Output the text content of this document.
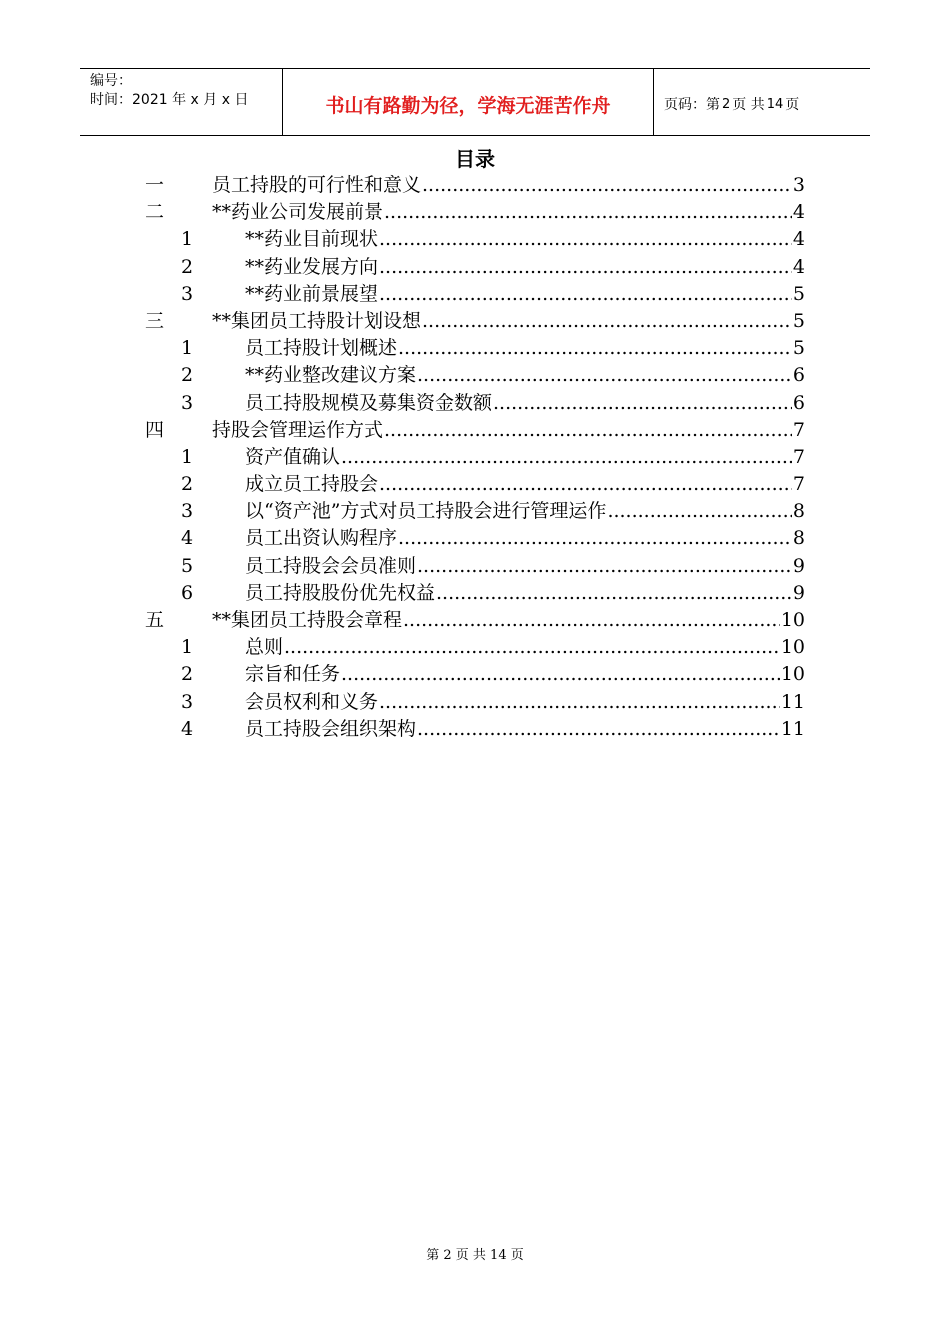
编号：
时间：2021 年 x 月 x 日	书山有路勤为径，学海无涯苦作舟	页码：第 2 页 共 14 页
目录
一	员工持股的可行性和意义 .....	3
二	**药业公司发展前景 .....	4
1	**药业目前现状 .....	4
2	**药业发展方向 .....	4
3	**药业前景展望 .....	5
三	**集团员工持股计划设想 .....	5
1	员工持股计划概述 .....	5
2	**药业整改建议方案 .....	6
3	员工持股规模及募集资金数额 .....	6
四	持股会管理运作方式 .....	7
1	资产值确认 .....	7
2	成立员工持股会 .....	7
3	以“资产池”方式对员工持股会进行管理运作 .....	8
4	员工出资认购程序 .....	8
5	员工持股会会员准则 .....	9
6	员工持股股份优先权益 .....	9
五	**集团员工持股会章程 .....	10
1	总则 .....	10
2	宗旨和任务 .....	10
3	会员权利和义务 .....	11
4	员工持股会组织架构 .....	11
第 2 页 共 14 页
